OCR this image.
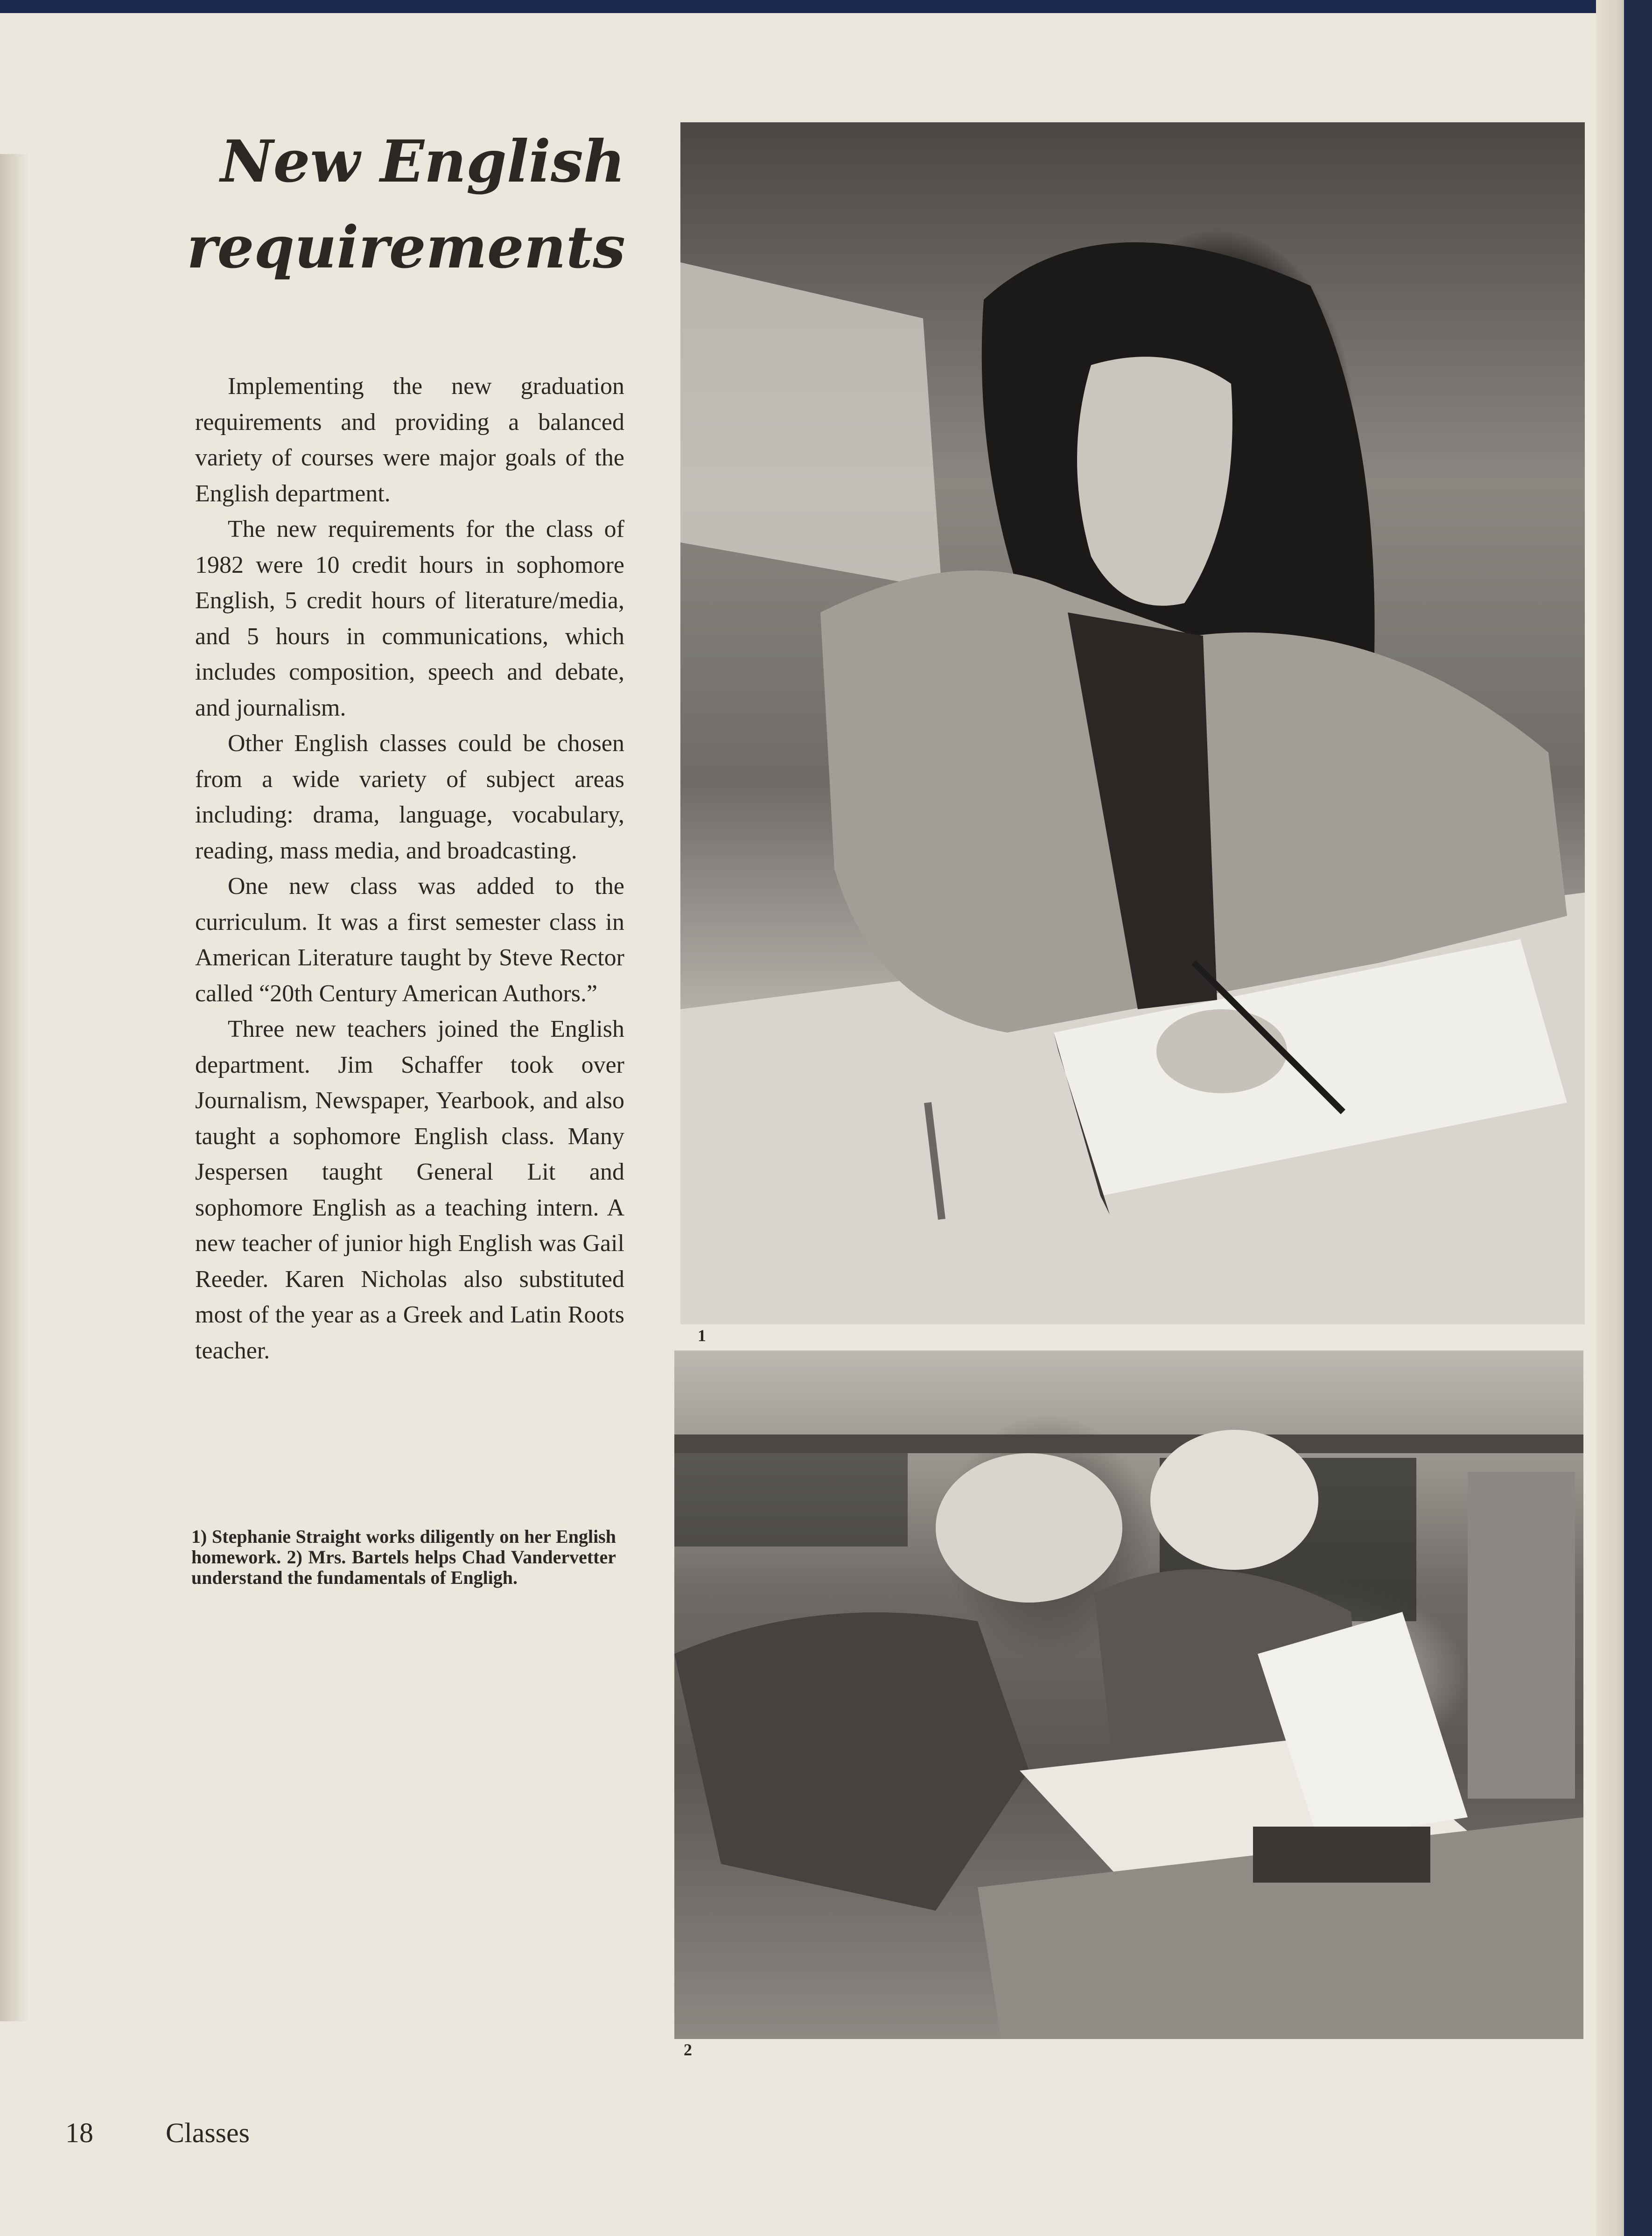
New English
requirements

Implementing the new graduation requirements and providing a balanced variety of courses were major goals of the English department.

The new requirements for the class of 1982 were 10 credit hours in sophomore English, 5 credit hours of literature/media, and 5 hours in communications, which includes composition, speech and debate, and journalism.

Other English classes could be chosen from a wide variety of subject areas including: drama, language, vocabulary, reading, mass media, and broadcasting.

One new class was added to the curriculum. It was a first semester class in American Literature taught by Steve Rector called “20th Century American Authors.”

Three new teachers joined the English department. Jim Schaffer took over Journalism, Newspaper, Yearbook, and also taught a sophomore English class. Many Jespersen taught General Lit and sophomore English as a teaching intern. A new teacher of junior high English was Gail Reeder. Karen Nicholas also substituted most of the year as a Greek and Latin Roots teacher.

1) Stephanie Straight works diligently on her English homework. 2) Mrs. Bartels helps Chad Vandervetter understand the fundamentals of Engligh.
1
2
18	Classes
